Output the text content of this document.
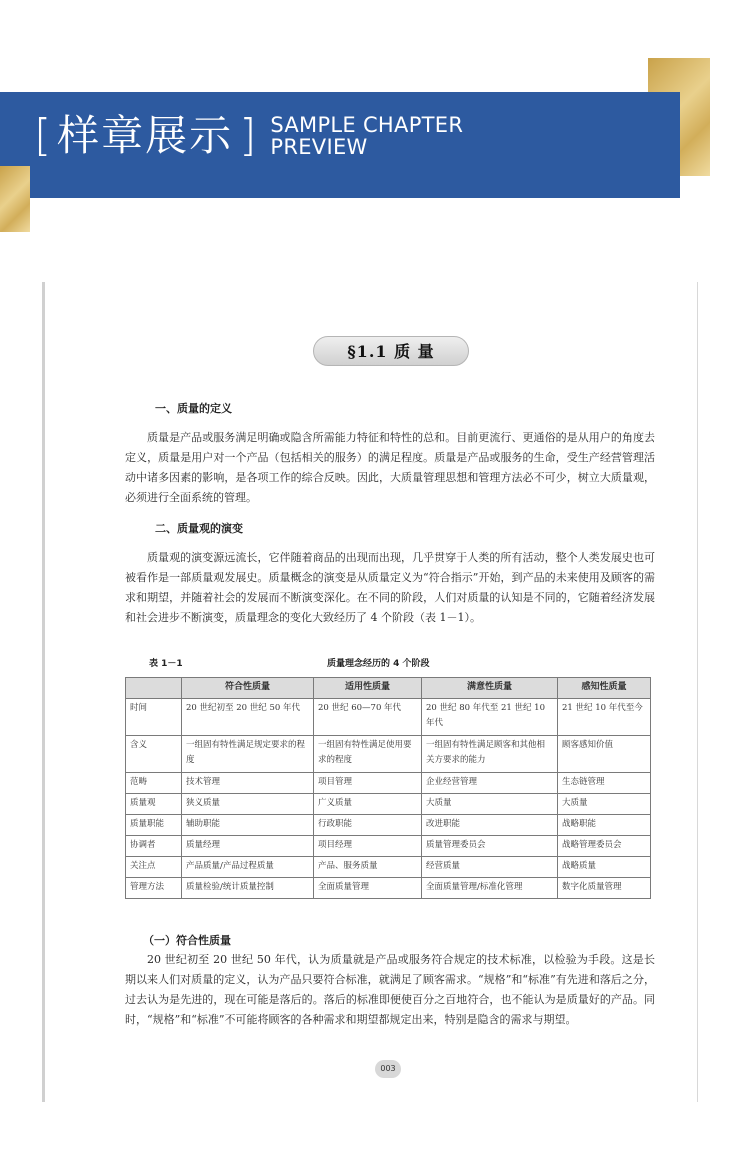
[ 样章展示 ] SAMPLE CHAPTER
PREVIEW
§1.1 质 量
一、质量的定义

质量是产品或服务满足明确或隐含所需能力特征和特性的总和。目前更流行、更通俗的是从用户的角度去定义，质量是用户对一个产品（包括相关的服务）的满足程度。质量是产品或服务的生命，受生产经营管理活动中诸多因素的影响，是各项工作的综合反映。因此，大质量管理思想和管理方法必不可少，树立大质量观，必须进行全面系统的管理。

二、质量观的演变

质量观的演变源远流长，它伴随着商品的出现而出现，几乎贯穿于人类的所有活动，整个人类发展史也可被看作是一部质量观发展史。质量概念的演变是从质量定义为“符合指示”开始，到产品的未来使用及顾客的需求和期望，并随着社会的发展而不断演变深化。在不同的阶段，人们对质量的认知是不同的，它随着经济发展和社会进步不断演变，质量理念的变化大致经历了 4 个阶段（表 1－1）。

表 1－1	质量理念经历的 4 个阶段
	符合性质量	适用性质量	满意性质量	感知性质量
时间	20 世纪初至 20 世纪 50 年代	20 世纪 60—70 年代	20 世纪 80 年代至 21 世纪 10 年代	21 世纪 10 年代至今
含义	一组固有特性满足规定要求的程度	一组固有特性满足使用要求的程度	一组固有特性满足顾客和其他相关方要求的能力	顾客感知价值
范畴	技术管理	项目管理	企业经营管理	生态链管理
质量观	狭义质量	广义质量	大质量	大质量
质量职能	辅助职能	行政职能	改进职能	战略职能
协调者	质量经理	项目经理	质量管理委员会	战略管理委员会
关注点	产品质量/产品过程质量	产品、服务质量	经营质量	战略质量
管理方法	质量检验/统计质量控制	全面质量管理	全面质量管理/标准化管理	数字化质量管理
（一）符合性质量

20 世纪初至 20 世纪 50 年代，认为质量就是产品或服务符合规定的技术标准，以检验为手段。这是长期以来人们对质量的定义，认为产品只要符合标准，就满足了顾客需求。“规格”和“标准”有先进和落后之分，过去认为是先进的，现在可能是落后的。落后的标准即便使百分之百地符合，也不能认为是质量好的产品。同时，“规格”和“标准”不可能将顾客的各种需求和期望都规定出来，特别是隐含的需求与期望。

003
